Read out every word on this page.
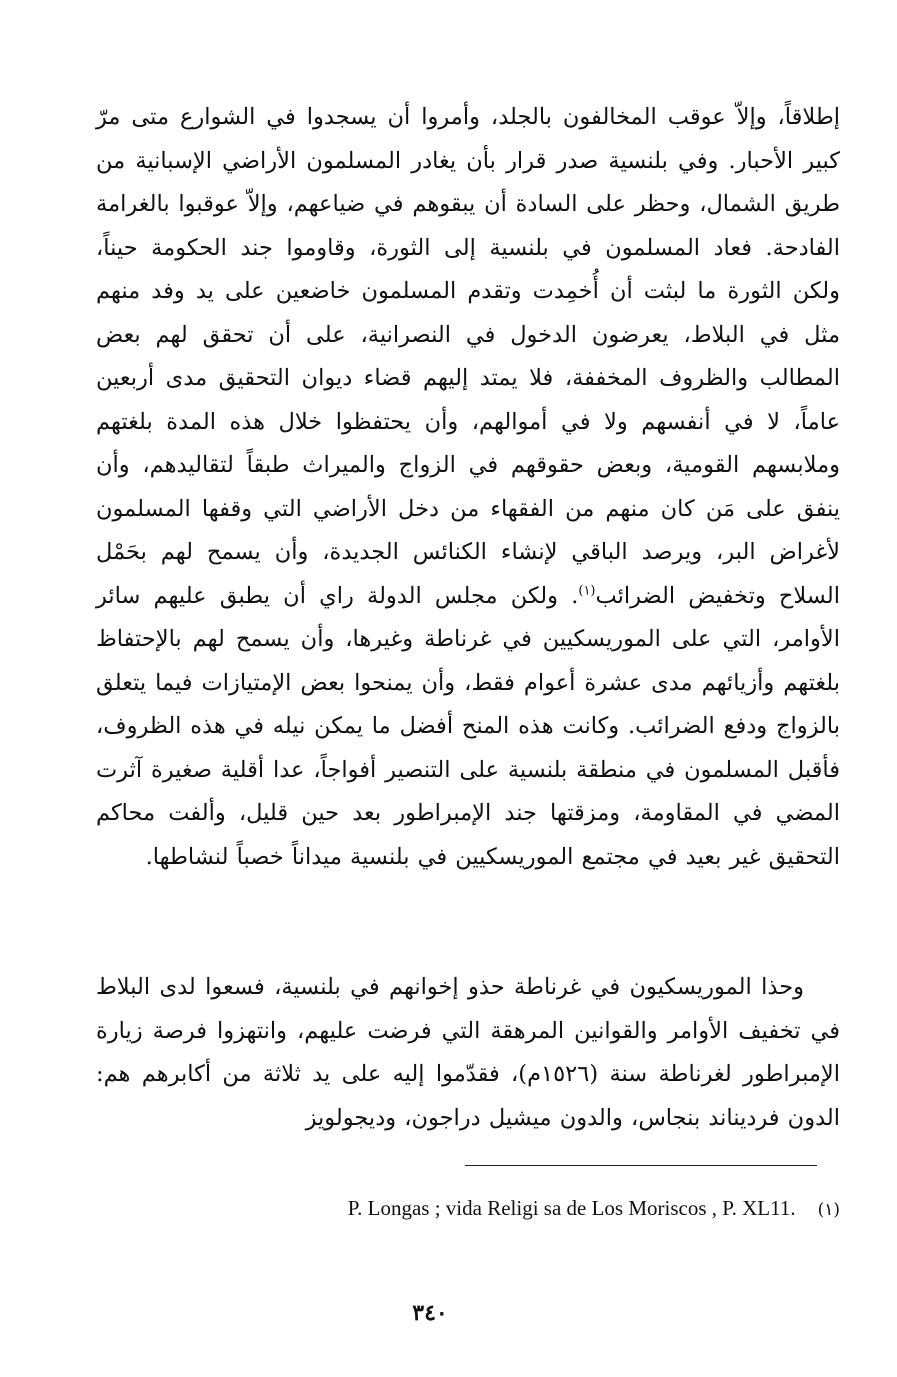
إطلاقاً، وإلاّ عوقب المخالفون بالجلد، وأمروا أن يسجدوا في الشوارع متى مرّ كبير الأحبار. وفي بلنسية صدر قرار بأن يغادر المسلمون الأراضي الإسبانية من طريق الشمال، وحظر على السادة أن يبقوهم في ضياعهم، وإلاّ عوقبوا بالغرامة الفادحة. فعاد المسلمون في بلنسية إلى الثورة، وقاوموا جند الحكومة حيناً، ولكن الثورة ما لبثت أن أُخمِدت وتقدم المسلمون خاضعين على يد وفد منهم مثل في البلاط، يعرضون الدخول في النصرانية، على أن تحقق لهم بعض المطالب والظروف المخففة، فلا يمتد إليهم قضاء ديوان التحقيق مدى أربعين عاماً، لا في أنفسهم ولا في أموالهم، وأن يحتفظوا خلال هذه المدة بلغتهم وملابسهم القومية، وبعض حقوقهم في الزواج والميراث طبقاً لتقاليدهم، وأن ينفق على مَن كان منهم من الفقهاء من دخل الأراضي التي وقفها المسلمون لأغراض البر، ويرصد الباقي لإنشاء الكنائس الجديدة، وأن يسمح لهم بحَمْل السلاح وتخفيض الضرائب$^{(١)}$. ولكن مجلس الدولة راي أن يطبق عليهم سائر الأوامر، التي على الموريسكيين في غرناطة وغيرها، وأن يسمح لهم بالإحتفاظ بلغتهم وأزيائهم مدى عشرة أعوام فقط، وأن يمنحوا بعض الإمتيازات فيما يتعلق بالزواج ودفع الضرائب. وكانت هذه المنح أفضل ما يمكن نيله في هذه الظروف، فأقبل المسلمون في منطقة بلنسية على التنصير أفواجاً، عدا أقلية صغيرة آثرت المضي في المقاومة، ومزقتها جند الإمبراطور بعد حين قليل، وألفت محاكم التحقيق غير بعيد في مجتمع الموريسكيين في بلنسية ميداناً خصباً لنشاطها.
وحذا الموريسكيون في غرناطة حذو إخوانهم في بلنسية، فسعوا لدى البلاط في تخفيف الأوامر والقوانين المرهقة التي فرضت عليهم، وانتهزوا فرصة زيارة الإمبراطور لغرناطة سنة (١٥٢٦م)، فقدّموا إليه على يد ثلاثة من أكابرهم هم: الدون فرديناند بنجاس، والدون ميشيل دراجون، وديجولويز
(١)P. Longas ; vida Religi sa de Los Moriscos , P. XL11.
٣٤٠
